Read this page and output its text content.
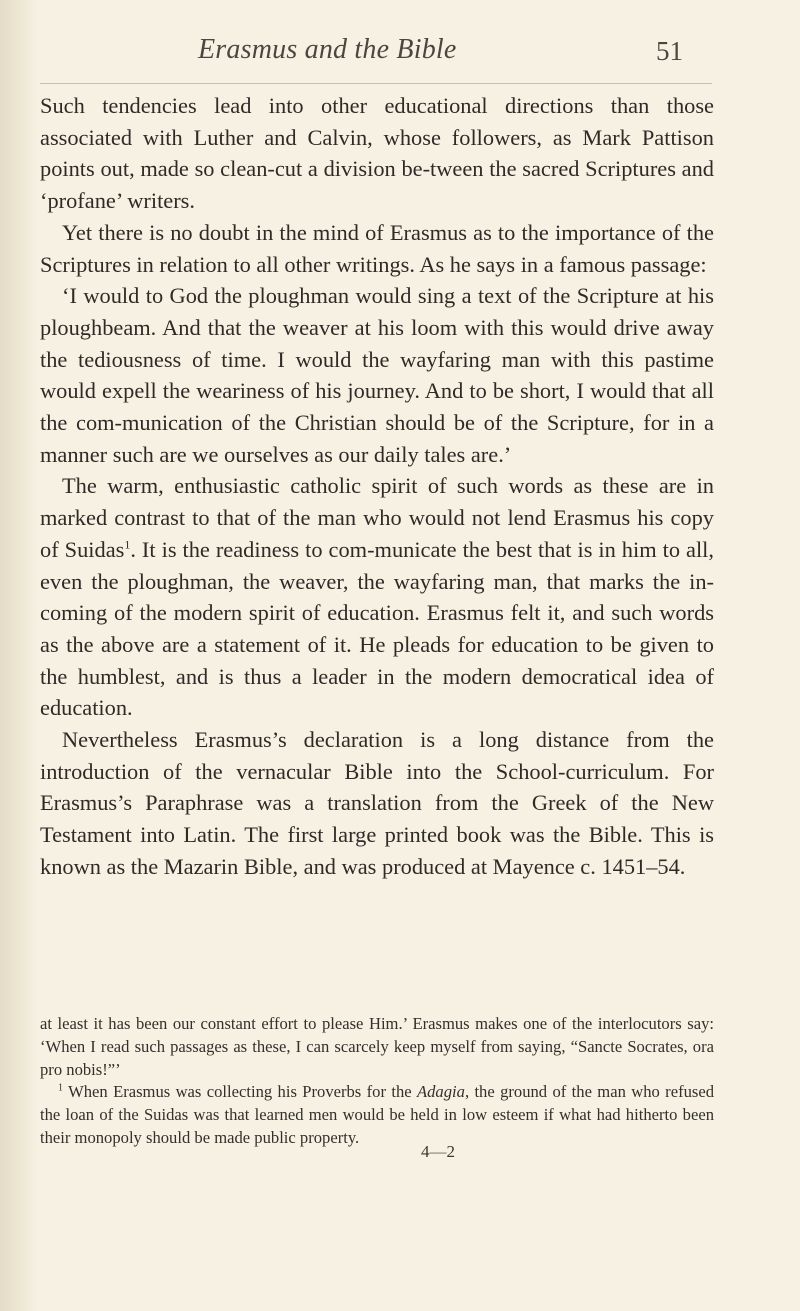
Erasmus and the Bible	51

Such tendencies lead into other educational directions than those associated with Luther and Calvin, whose followers, as Mark Pattison points out, made so clean-cut a division be-tween the sacred Scriptures and ‘profane’ writers.

Yet there is no doubt in the mind of Erasmus as to the importance of the Scriptures in relation to all other writings. As he says in a famous passage:

‘I would to God the ploughman would sing a text of the Scripture at his ploughbeam. And that the weaver at his loom with this would drive away the tediousness of time. I would the wayfaring man with this pastime would expell the weariness of his journey. And to be short, I would that all the com-munication of the Christian should be of the Scripture, for in a manner such are we ourselves as our daily tales are.’

The warm, enthusiastic catholic spirit of such words as these are in marked contrast to that of the man who would not lend Erasmus his copy of Suidas$^1$. It is the readiness to com-municate the best that is in him to all, even the ploughman, the weaver, the wayfaring man, that marks the in-coming of the modern spirit of education. Erasmus felt it, and such words as the above are a statement of it. He pleads for education to be given to the humblest, and is thus a leader in the modern democratical idea of education.

Nevertheless Erasmus’s declaration is a long distance from the introduction of the vernacular Bible into the School-curriculum. For Erasmus’s Paraphrase was a translation from the Greek of the New Testament into Latin. The first large printed book was the Bible. This is known as the Mazarin Bible, and was produced at Mayence c. 1451–54.

at least it has been our constant effort to please Him.’ Erasmus makes one of the interlocutors say: ‘When I read such passages as these, I can scarcely keep myself from saying, “Sancte Socrates, ora pro nobis!”’

$^1$ When Erasmus was collecting his Proverbs for the Adagia, the ground of the man who refused the loan of the Suidas was that learned men would be held in low esteem if what had hitherto been their monopoly should be made public property.

4—2
